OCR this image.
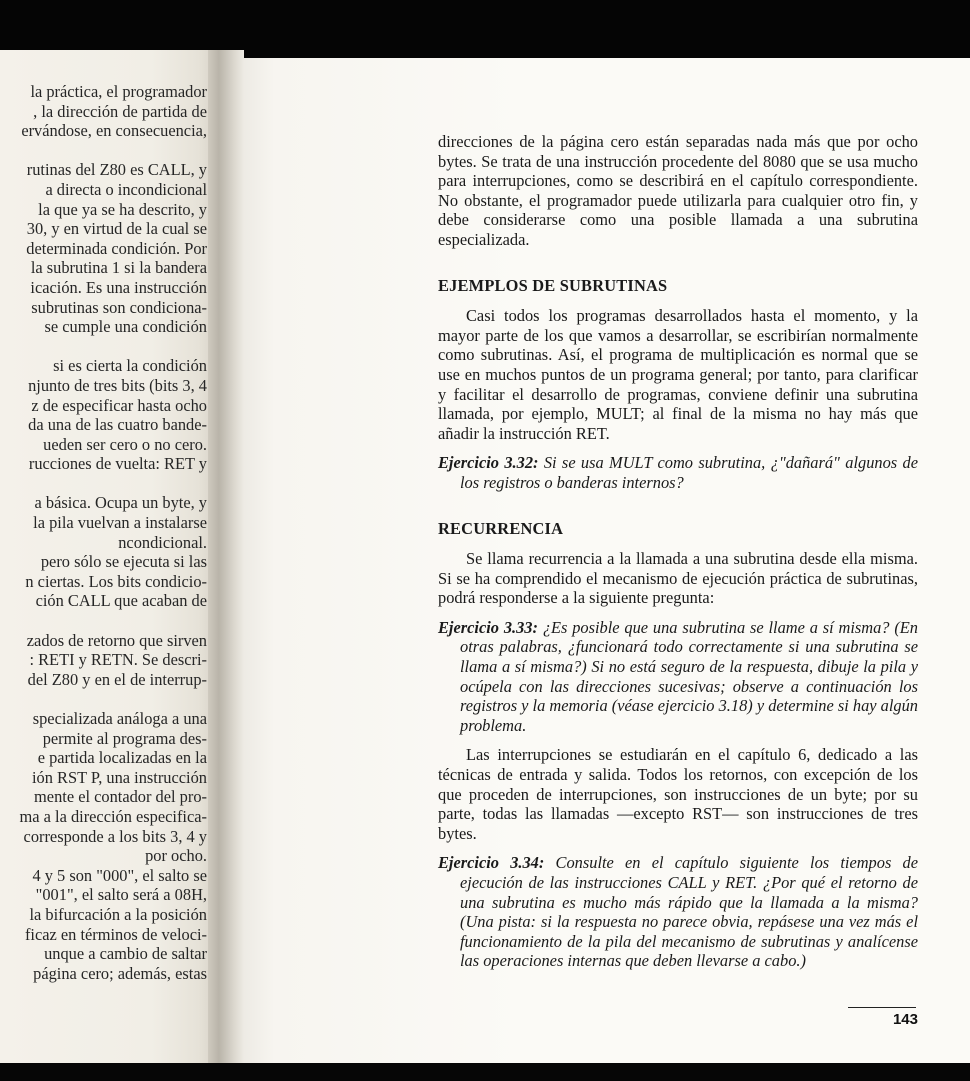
la práctica, el programador
, la dirección de partida de
ervándose, en consecuencia,
rutinas del Z80 es CALL, y
a directa o incondicional
la que ya se ha descrito, y
30, y en virtud de la cual se
determinada condición. Por
la subrutina 1 si la bandera
icación. Es una instrucción
subrutinas son condiciona-
se cumple una condición
si es cierta la condición
njunto de tres bits (bits 3, 4
z de especificar hasta ocho
da una de las cuatro bande-
ueden ser cero o no cero.
rucciones de vuelta: RET y
a básica. Ocupa un byte, y
la pila vuelvan a instalarse
ncondicional.
pero sólo se ejecuta si las
n ciertas. Los bits condicio-
ción CALL que acaban de
zados de retorno que sirven
: RETI y RETN. Se descri-
del Z80 y en el de interrup-
specializada análoga a una
permite al programa des-
e partida localizadas en la
ión RST P, una instrucción
mente el contador del pro-
ma a la dirección especifica-
corresponde a los bits 3, 4 y
por ocho.
4 y 5 son "000", el salto se
"001", el salto será a 08H,
la bifurcación a la posición
ficaz en términos de veloci-
unque a cambio de saltar
página cero; además, estas

direcciones de la página cero están separadas nada más que por ocho bytes. Se trata de una instrucción procedente del 8080 que se usa mucho para interrupciones, como se describirá en el capítulo correspondiente. No obstante, el programador puede utilizarla para cualquier otro fin, y debe considerarse como una posible llamada a una subrutina especializada.

EJEMPLOS DE SUBRUTINAS

Casi todos los programas desarrollados hasta el momento, y la mayor parte de los que vamos a desarrollar, se escribirían normalmente como subrutinas. Así, el programa de multiplicación es normal que se use en muchos puntos de un programa general; por tanto, para clarificar y facilitar el desarrollo de programas, conviene definir una subrutina llamada, por ejemplo, MULT; al final de la misma no hay más que añadir la instrucción RET.

Ejercicio 3.32: Si se usa MULT como subrutina, ¿"dañará" algunos de los registros o banderas internos?
RECURRENCIA

Se llama recurrencia a la llamada a una subrutina desde ella misma. Si se ha comprendido el mecanismo de ejecución práctica de subrutinas, podrá responderse a la siguiente pregunta:

Ejercicio 3.33: ¿Es posible que una subrutina se llame a sí misma? (En otras palabras, ¿funcionará todo correctamente si una subrutina se llama a sí misma?) Si no está seguro de la respuesta, dibuje la pila y ocúpela con las direcciones sucesivas; observe a continuación los registros y la memoria (véase ejercicio 3.18) y determine si hay algún problema.

Las interrupciones se estudiarán en el capítulo 6, dedicado a las técnicas de entrada y salida. Todos los retornos, con excepción de los que proceden de interrupciones, son instrucciones de un byte; por su parte, todas las llamadas —excepto RST— son instrucciones de tres bytes.

Ejercicio 3.34: Consulte en el capítulo siguiente los tiempos de ejecución de las instrucciones CALL y RET. ¿Por qué el retorno de una subrutina es mucho más rápido que la llamada a la misma? (Una pista: si la respuesta no parece obvia, repásese una vez más el funcionamiento de la pila del mecanismo de subrutinas y analícense las operaciones internas que deben llevarse a cabo.)
143
